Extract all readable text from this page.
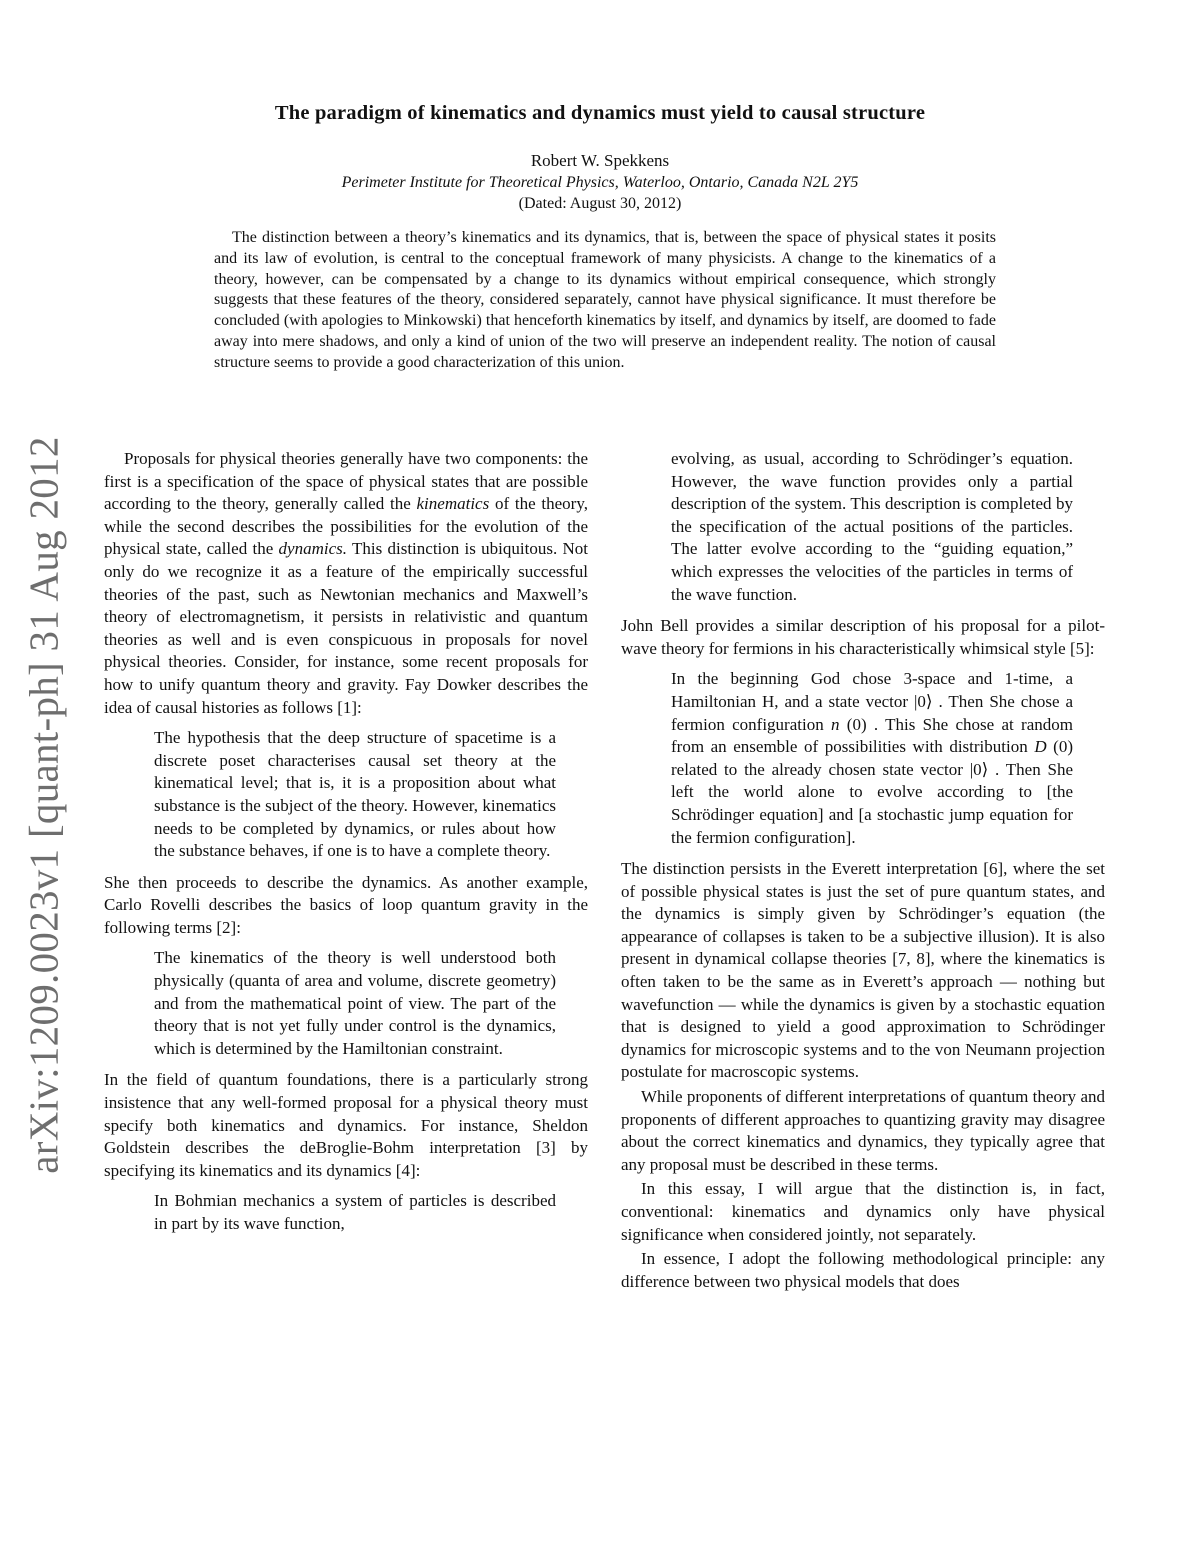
arXiv:1209.0023v1 [quant-ph] 31 Aug 2012
The paradigm of kinematics and dynamics must yield to causal structure
Robert W. Spekkens
Perimeter Institute for Theoretical Physics, Waterloo, Ontario, Canada N2L 2Y5
(Dated: August 30, 2012)

The distinction between a theory’s kinematics and its dynamics, that is, between the space of physical states it posits and its law of evolution, is central to the conceptual framework of many physicists. A change to the kinematics of a theory, however, can be compensated by a change to its dynamics without empirical consequence, which strongly suggests that these features of the theory, considered separately, cannot have physical significance. It must therefore be concluded (with apologies to Minkowski) that henceforth kinematics by itself, and dynamics by itself, are doomed to fade away into mere shadows, and only a kind of union of the two will preserve an independent reality. The notion of causal structure seems to provide a good characterization of this union.

Proposals for physical theories generally have two components: the first is a specification of the space of physical states that are possible according to the theory, generally called the kinematics of the theory, while the second describes the possibilities for the evolution of the physical state, called the dynamics. This distinction is ubiquitous. Not only do we recognize it as a feature of the empirically successful theories of the past, such as Newtonian mechanics and Maxwell’s theory of electromagnetism, it persists in relativistic and quantum theories as well and is even conspicuous in proposals for novel physical theories. Consider, for instance, some recent proposals for how to unify quantum theory and gravity. Fay Dowker describes the idea of causal histories as follows [1]:

The hypothesis that the deep structure of spacetime is a discrete poset characterises causal set theory at the kinematical level; that is, it is a proposition about what substance is the subject of the theory. However, kinematics needs to be completed by dynamics, or rules about how the substance behaves, if one is to have a complete theory.

She then proceeds to describe the dynamics. As another example, Carlo Rovelli describes the basics of loop quantum gravity in the following terms [2]:

The kinematics of the theory is well understood both physically (quanta of area and volume, discrete geometry) and from the mathematical point of view. The part of the theory that is not yet fully under control is the dynamics, which is determined by the Hamiltonian constraint.

In the field of quantum foundations, there is a particularly strong insistence that any well-formed proposal for a physical theory must specify both kinematics and dynamics. For instance, Sheldon Goldstein describes the deBroglie-Bohm interpretation [3] by specifying its kinematics and its dynamics [4]:

In Bohmian mechanics a system of particles is described in part by its wave function,
evolving, as usual, according to Schrödinger’s equation. However, the wave function provides only a partial description of the system. This description is completed by the specification of the actual positions of the particles. The latter evolve according to the “guiding equation,” which expresses the velocities of the particles in terms of the wave function.

John Bell provides a similar description of his proposal for a pilot-wave theory for fermions in his characteristically whimsical style [5]:

In the beginning God chose 3-space and 1-time, a Hamiltonian H, and a state vector |0⟩ . Then She chose a fermion configuration n (0) . This She chose at random from an ensemble of possibilities with distribution D (0) related to the already chosen state vector |0⟩ . Then She left the world alone to evolve according to [the Schrödinger equation] and [a stochastic jump equation for the fermion configuration].

The distinction persists in the Everett interpretation [6], where the set of possible physical states is just the set of pure quantum states, and the dynamics is simply given by Schrödinger’s equation (the appearance of collapses is taken to be a subjective illusion). It is also present in dynamical collapse theories [7, 8], where the kinematics is often taken to be the same as in Everett’s approach — nothing but wavefunction — while the dynamics is given by a stochastic equation that is designed to yield a good approximation to Schrödinger dynamics for microscopic systems and to the von Neumann projection postulate for macroscopic systems.

While proponents of different interpretations of quantum theory and proponents of different approaches to quantizing gravity may disagree about the correct kinematics and dynamics, they typically agree that any proposal must be described in these terms.

In this essay, I will argue that the distinction is, in fact, conventional: kinematics and dynamics only have physical significance when considered jointly, not separately.

In essence, I adopt the following methodological principle: any difference between two physical models that does
